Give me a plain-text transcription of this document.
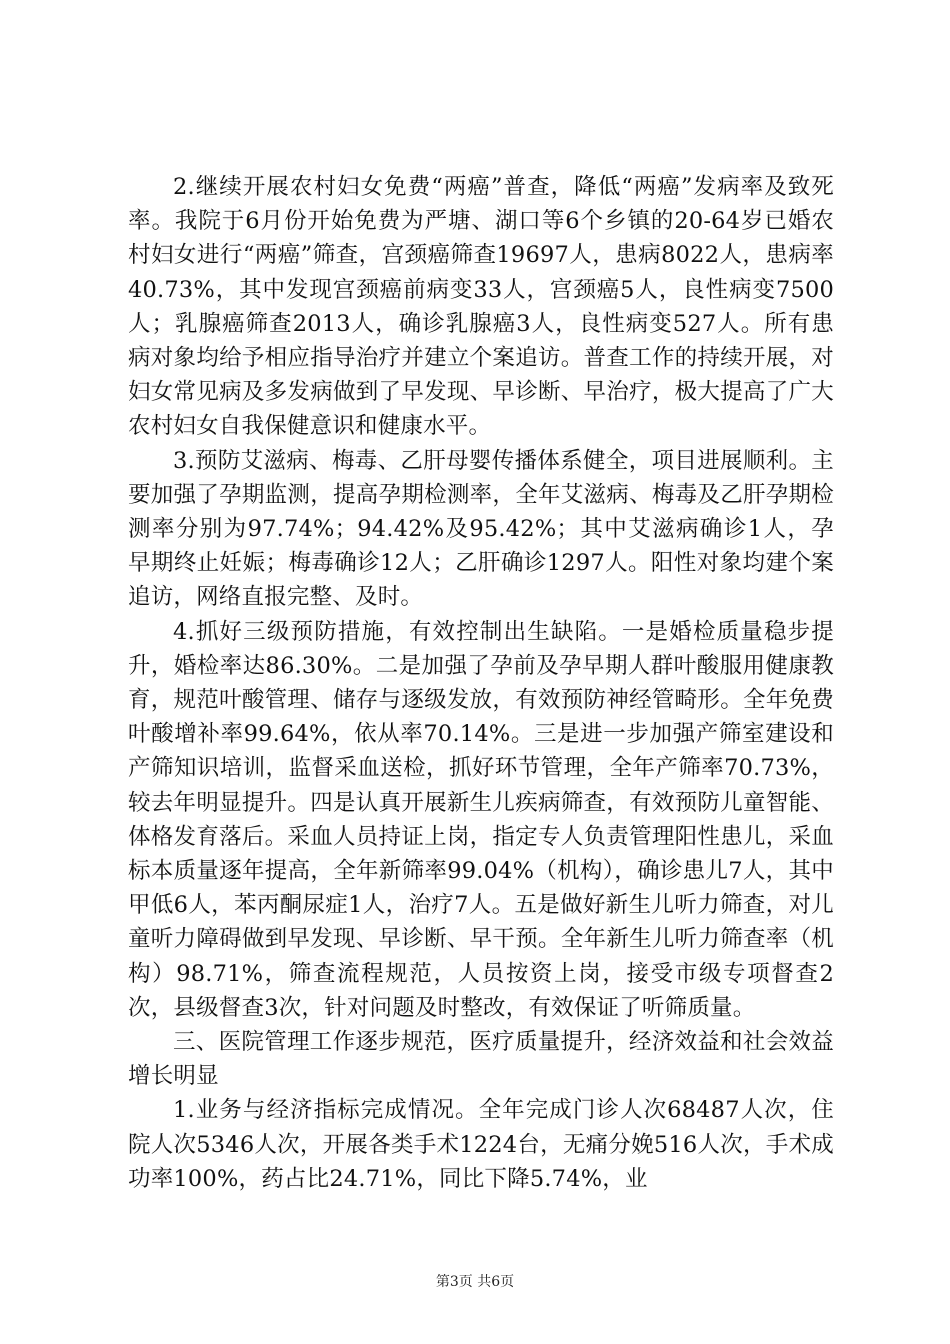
2.继续开展农村妇女免费“两癌”普查，降低“两癌”发病率及致死率。我院于6月份开始免费为严塘、湖口等6个乡镇的20-64岁已婚农村妇女进行“两癌”筛查，宫颈癌筛查19697人，患病8022人，患病率40.73%，其中发现宫颈癌前病变33人，宫颈癌5人，良性病变7500人；乳腺癌筛查2013人，确诊乳腺癌3人，良性病变527人。所有患病对象均给予相应指导治疗并建立个案追访。普查工作的持续开展，对妇女常见病及多发病做到了早发现、早诊断、早治疗，极大提高了广大农村妇女自我保健意识和健康水平。

3.预防艾滋病、梅毒、乙肝母婴传播体系健全，项目进展顺利。主要加强了孕期监测，提高孕期检测率，全年艾滋病、梅毒及乙肝孕期检测率分别为97.74%；94.42%及95.42%；其中艾滋病确诊1人，孕早期终止妊娠；梅毒确诊12人；乙肝确诊1297人。阳性对象均建个案追访，网络直报完整、及时。

4.抓好三级预防措施，有效控制出生缺陷。一是婚检质量稳步提升，婚检率达86.30%。二是加强了孕前及孕早期人群叶酸服用健康教育，规范叶酸管理、储存与逐级发放，有效预防神经管畸形。全年免费叶酸增补率99.64%，依从率70.14%。三是进一步加强产筛室建设和产筛知识培训，监督采血送检，抓好环节管理，全年产筛率70.73%，较去年明显提升。四是认真开展新生儿疾病筛查，有效预防儿童智能、体格发育落后。采血人员持证上岗，指定专人负责管理阳性患儿，采血标本质量逐年提高，全年新筛率99.04%（机构），确诊患儿7人，其中甲低6人，苯丙酮尿症1人，治疗7人。五是做好新生儿听力筛查，对儿童听力障碍做到早发现、早诊断、早干预。全年新生儿听力筛查率（机构）98.71%，筛查流程规范，人员按资上岗，接受市级专项督查2次，县级督查3次，针对问题及时整改，有效保证了听筛质量。

三、医院管理工作逐步规范，医疗质量提升，经济效益和社会效益增长明显

1.业务与经济指标完成情况。全年完成门诊人次68487人次，住院人次5346人次，开展各类手术1224台，无痛分娩516人次，手术成功率100%，药占比24.71%，同比下降5.74%，业

第3页 共6页
